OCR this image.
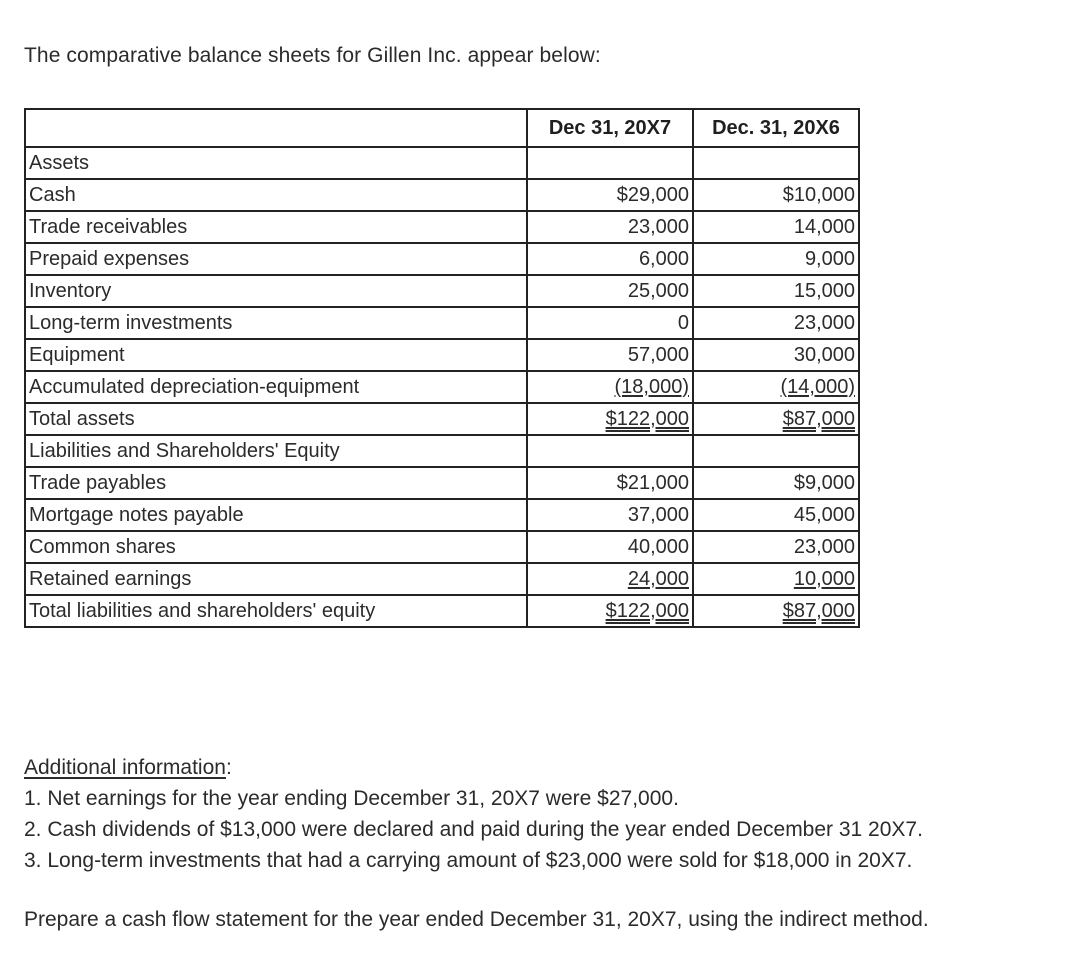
The comparative balance sheets for Gillen Inc. appear below:
	Dec 31, 20X7	Dec. 31, 20X6
Assets		
Cash	$29,000	$10,000
Trade receivables	23,000	14,000
Prepaid expenses	6,000	9,000
Inventory	25,000	15,000
Long-term investments	0	23,000
Equipment	57,000	30,000
Accumulated depreciation-equipment	(18,000)	(14,000)
Total assets	$122,000	$87,000
Liabilities and Shareholders' Equity		
Trade payables	$21,000	$9,000
Mortgage notes payable	37,000	45,000
Common shares	40,000	23,000
Retained earnings	24,000	10,000
Total liabilities and shareholders' equity	$122,000	$87,000
Additional information:
1. Net earnings for the year ending December 31, 20X7 were $27,000.
2. Cash dividends of $13,000 were declared and paid during the year ended December 31 20X7.
3. Long-term investments that had a carrying amount of $23,000 were sold for $18,000 in 20X7.
Prepare a cash flow statement for the year ended December 31, 20X7, using the indirect method.
